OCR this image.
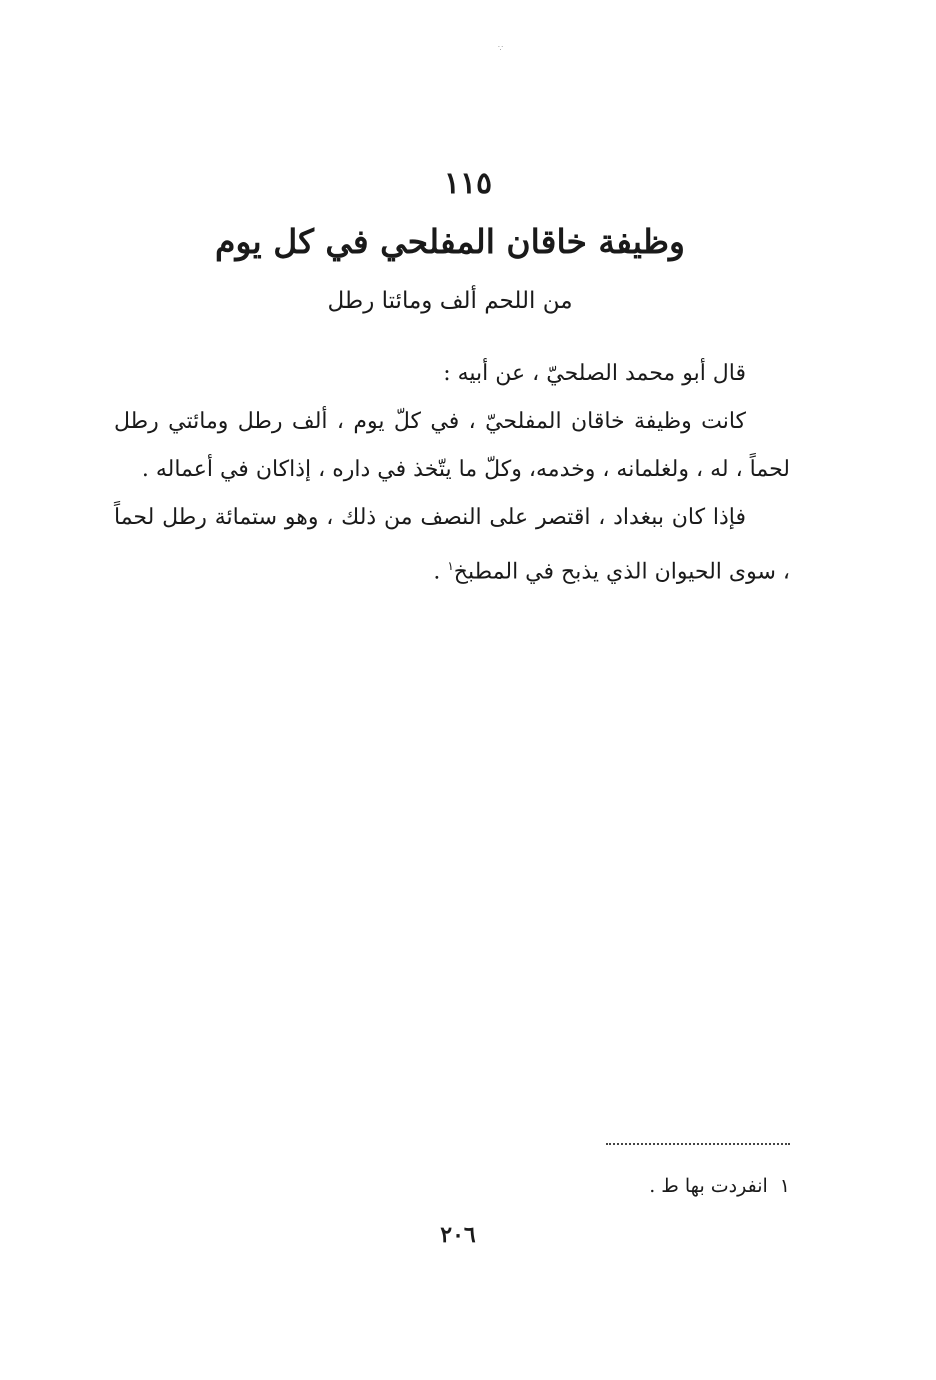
∵
١١٥
وظيفة خاقان المفلحي في كل يوم
من اللحم ألف ومائتا رطل

قال أبو محمد الصلحيّ ، عن أبيه :

كانت وظيفة خاقان المفلحيّ ، في كلّ يوم ، ألف رطل ومائتي رطل لحماً ، له ، ولغلمانه ، وخدمه، وكلّ ما يتّخذ في داره ، إذاكان في أعماله .

فإذا كان ببغداد ، اقتصر على النصف من ذلك ، وهو ستمائة رطل لحماً ، سوى الحيوان الذي يذبح في المطبخ$^١$ .

١انفردت بها ط .
٢٠٦
